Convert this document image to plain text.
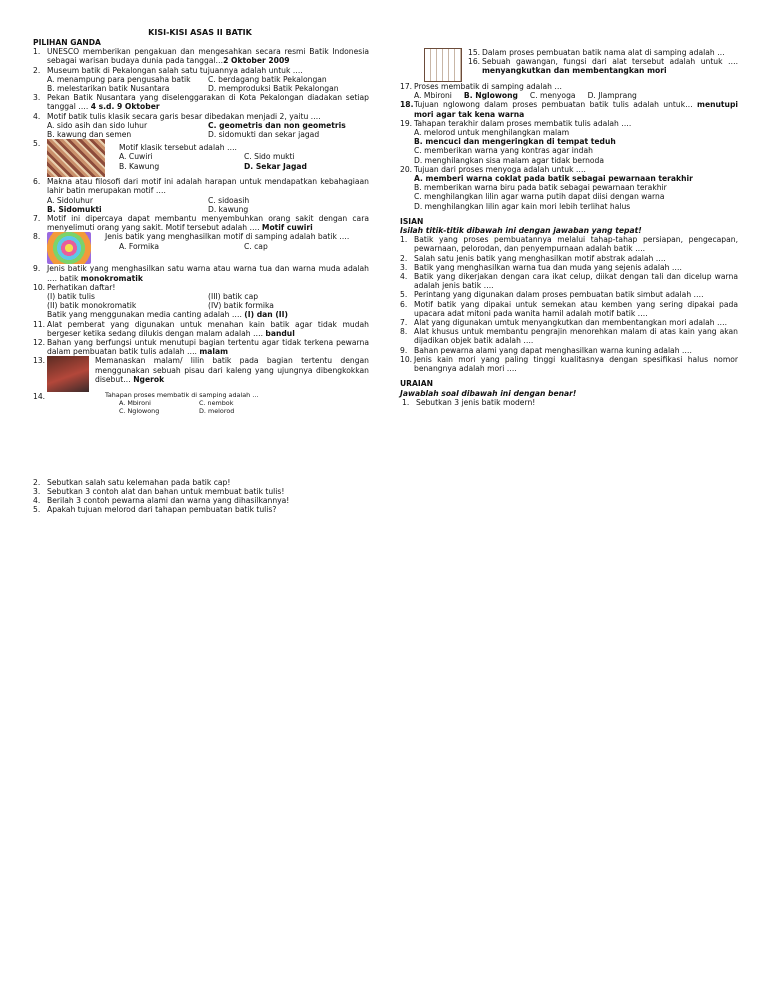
KISI-KISI ASAS II BATIK
PILIHAN GANDA
1. UNESCO memberikan pengakuan dan mengesahkan secara resmi Batik Indonesia sebagai warisan budaya dunia pada tanggal…2 Oktober 2009
2. Museum batik di Pekalongan salah satu tujuannya adalah untuk ….
A. menampung para pengusaha batik	C. berdagang batik Pekalongan
B. melestarikan batik Nusantara	D. memproduksi Batik Pekalongan
3. Pekan Batik Nusantara yang diselenggarakan di Kota Pekalongan diadakan setiap tanggal …. 4 s.d. 9 Oktober
4. Motif batik tulis klasik secara garis besar dibedakan menjadi 2, yaitu ….
A. sido asih dan sido luhur	C. geometris dan non geometris
B. kawung dan semen	D. sidomukti dan sekar jagad
5.	Motif klasik tersebut adalah ….
A. Cuwiri	C. Sido mukti
B. Kawung	D. Sekar Jagad
6. Makna atau filosofi dari motif ini adalah harapan untuk mendapatkan kebahagiaan lahir batin merupakan motif ….
A. Sidoluhur	C. sidoasih
B. Sidomukti	D. kawung
7. Motif ini dipercaya dapat membantu menyembuhkan orang sakit dengan cara menyelimuti orang yang sakit. Motif tersebut adalah …. Motif cuwiri
8.	Jenis batik yang menghasilkan motif di samping adalah batik ….
A. Formika	C. cap
9. Jenis batik yang menghasilkan satu warna atau warna tua dan warna muda adalah …. batik monokromatik
10. Perhatikan daftar!
(I) batik tulis	(III) batik cap
(II) batik monokromatik	(IV) batik formika
Batik yang menggunakan media canting adalah …. (I) dan (II)
11. Alat pemberat yang digunakan untuk menahan kain batik agar tidak mudah bergeser ketika sedang dilukis dengan malam adalah …. bandul
12. Bahan yang berfungsi untuk menutupi bagian tertentu agar tidak terkena pewarna dalam pembuatan batik tulis adalah …. malam
13.	Memanaskan malam/ lilin batik pada bagian tertentu dengan menggunakan sebuah pisau dari kaleng yang ujungnya dibengkokkan disebut… Ngerok
14.	Tahapan proses membatik di samping adalah …
A. Mbironi	C. nembok
C. Nglowong	D. melorod
2. Sebutkan salah satu kelemahan pada batik cap!
3. Sebutkan 3 contoh alat dan bahan untuk membuat batik tulis!
4. Berilah 3 contoh pewarna alami dan warna yang dihasilkannya!
5. Apakah tujuan melorod dari tahapan pembuatan batik tulis?
15. Dalam proses pembuatan batik nama alat di samping adalah …
16. Sebuah gawangan, fungsi dari alat tersebut adalah untuk …. menyangkutkan dan membentangkan mori
17. Proses membatik di samping adalah …
A. Mbironi B. Nglowong C. menyoga D. Jlamprang
18. Tujuan nglowong dalam proses pembuatan batik tulis adalah untuk… menutupi mori agar tak kena warna
19. Tahapan terakhir dalam proses membatik tulis adalah ….
A. melorod untuk menghilangkan malam
B. mencuci dan mengeringkan di tempat teduh
C. memberikan warna yang kontras agar indah
D. menghilangkan sisa malam agar tidak bernoda
20. Tujuan dari proses menyoga adalah untuk ….
A. memberi warna coklat pada batik sebagai pewarnaan terakhir
B. memberikan warna biru pada batik sebagai pewarnaan terakhir
C. menghilangkan lilin agar warna putih dapat diisi dengan warna
D. menghilangkan lilin agar kain mori lebih terlihat halus
ISIAN
Isilah titik-titik dibawah ini dengan jawaban yang tepat!
1. Batik yang proses pembuatannya melalui tahap-tahap persiapan, pengecapan, pewarnaan, pelorodan, dan penyempurnaan adalah batik ….
2. Salah satu jenis batik yang menghasilkan motif abstrak adalah ….
3. Batik yang menghasilkan warna tua dan muda yang sejenis adalah ….
4. Batik yang dikerjakan dengan cara ikat celup, diikat dengan tali dan dicelup warna adalah jenis batik ….
5. Perintang yang digunakan dalam proses pembuatan batik simbut adalah ….
6. Motif batik yang dipakai untuk semekan atau kemben yang sering dipakai pada upacara adat mitoni pada wanita hamil adalah motif batik ….
7. Alat yang digunakan umtuk menyangkutkan dan membentangkan mori adalah ….
8. Alat khusus untuk membantu pengrajin menorehkan malam di atas kain yang akan dijadikan objek batik adalah ….
9. Bahan pewarna alami yang dapat menghasilkan warna kuning adalah ….
10. Jenis kain mori yang paling tinggi kualitasnya dengan spesifikasi halus nomor benangnya adalah mori ….
URAIAN
Jawablah soal dibawah ini dengan benar!
1. Sebutkan 3 jenis batik modern!
